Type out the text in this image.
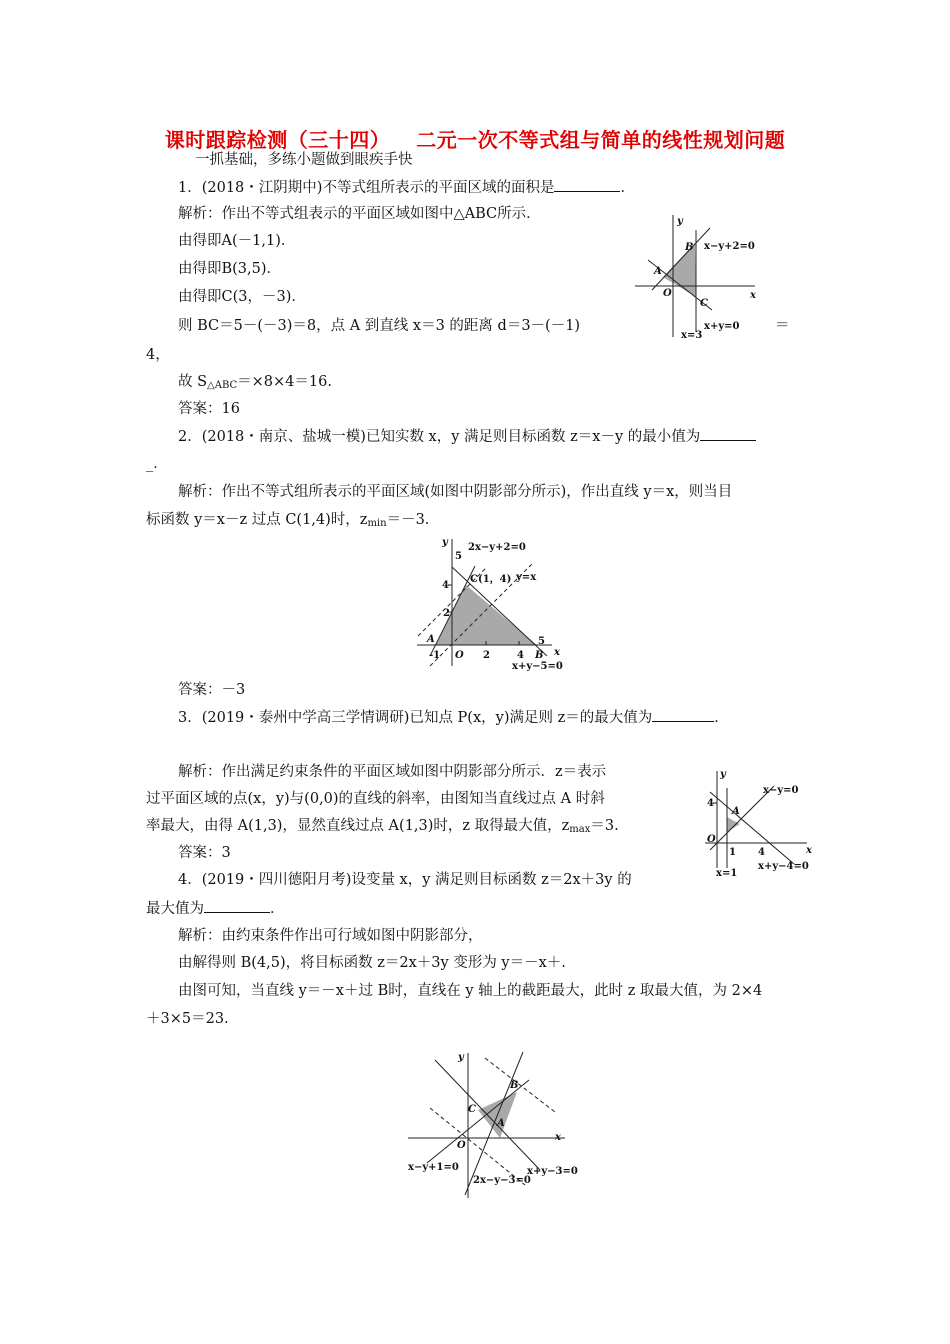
课时跟踪检测（三十四） 二元一次不等式组与简单的线性规划问题
一抓基础，多练小题做到眼疾手快
1．(2018・江阴期中)不等式组所表示的平面区域的面积是	．
解析：作出不等式组表示的平面区域如图中△ABC所示．
由得即A(－1,1)．
由得即B(3,5)．
由得即C(3，－3)．
则 BC＝5－(－3)＝8，点 A 到直线 x＝3 的距离 d＝3－(－1)	＝
4，
故 $S_{\triangle ABC}=\times 8\times 4=16$.
答案：16
y
x
B
A
O
C
x−y+2=0
x+y=0
x=3
2．(2018・南京、盐城一模)已知实数 x，y 满足则目标函数 z＝x－y 的最小值为
_．
解析：作出不等式组所表示的平面区域(如图中阴影部分所示)，作出直线 y＝x，则当目
标函数 y＝x－z 过点 C(1,4)时，$z_{min}=-3$.
y
x
5
4
2
-1 O 2	4
5
A
B
C(1，4)
2x−y+2=0
y=x
x+y−5=0
答案：－3
3．(2019・泰州中学高三学情调研)已知点 P(x，y)满足则 z＝的最大值为	．
解析：作出满足约束条件的平面区域如图中阴影部分所示．z＝表示
过平面区域的点(x，y)与(0,0)的直线的斜率，由图知当直线过点 A 时斜
率最大，由得 A(1,3)，显然直线过点 A(1,3)时，z 取得最大值，$z_{max}=3$.
答案：3
y
x
4
A
O
1 4
x−y=0
x+y−4=0
x=1
4．(2019・四川德阳月考)设变量 x，y 满足则目标函数 z＝2x＋3y 的
最大值为	．
解析：由约束条件作出可行域如图中阴影部分，
由解得则 B(4,5)，将目标函数 z＝2x＋3y 变形为 y＝－x＋.
由图可知，当直线 y＝－x＋过 B时，直线在 y 轴上的截距最大，此时 z 取最大值，为 2×4
＋3×5＝23.
y
x
B
C
A
O
x−y+1=0
2x−y−3=0
x+y−3=0
